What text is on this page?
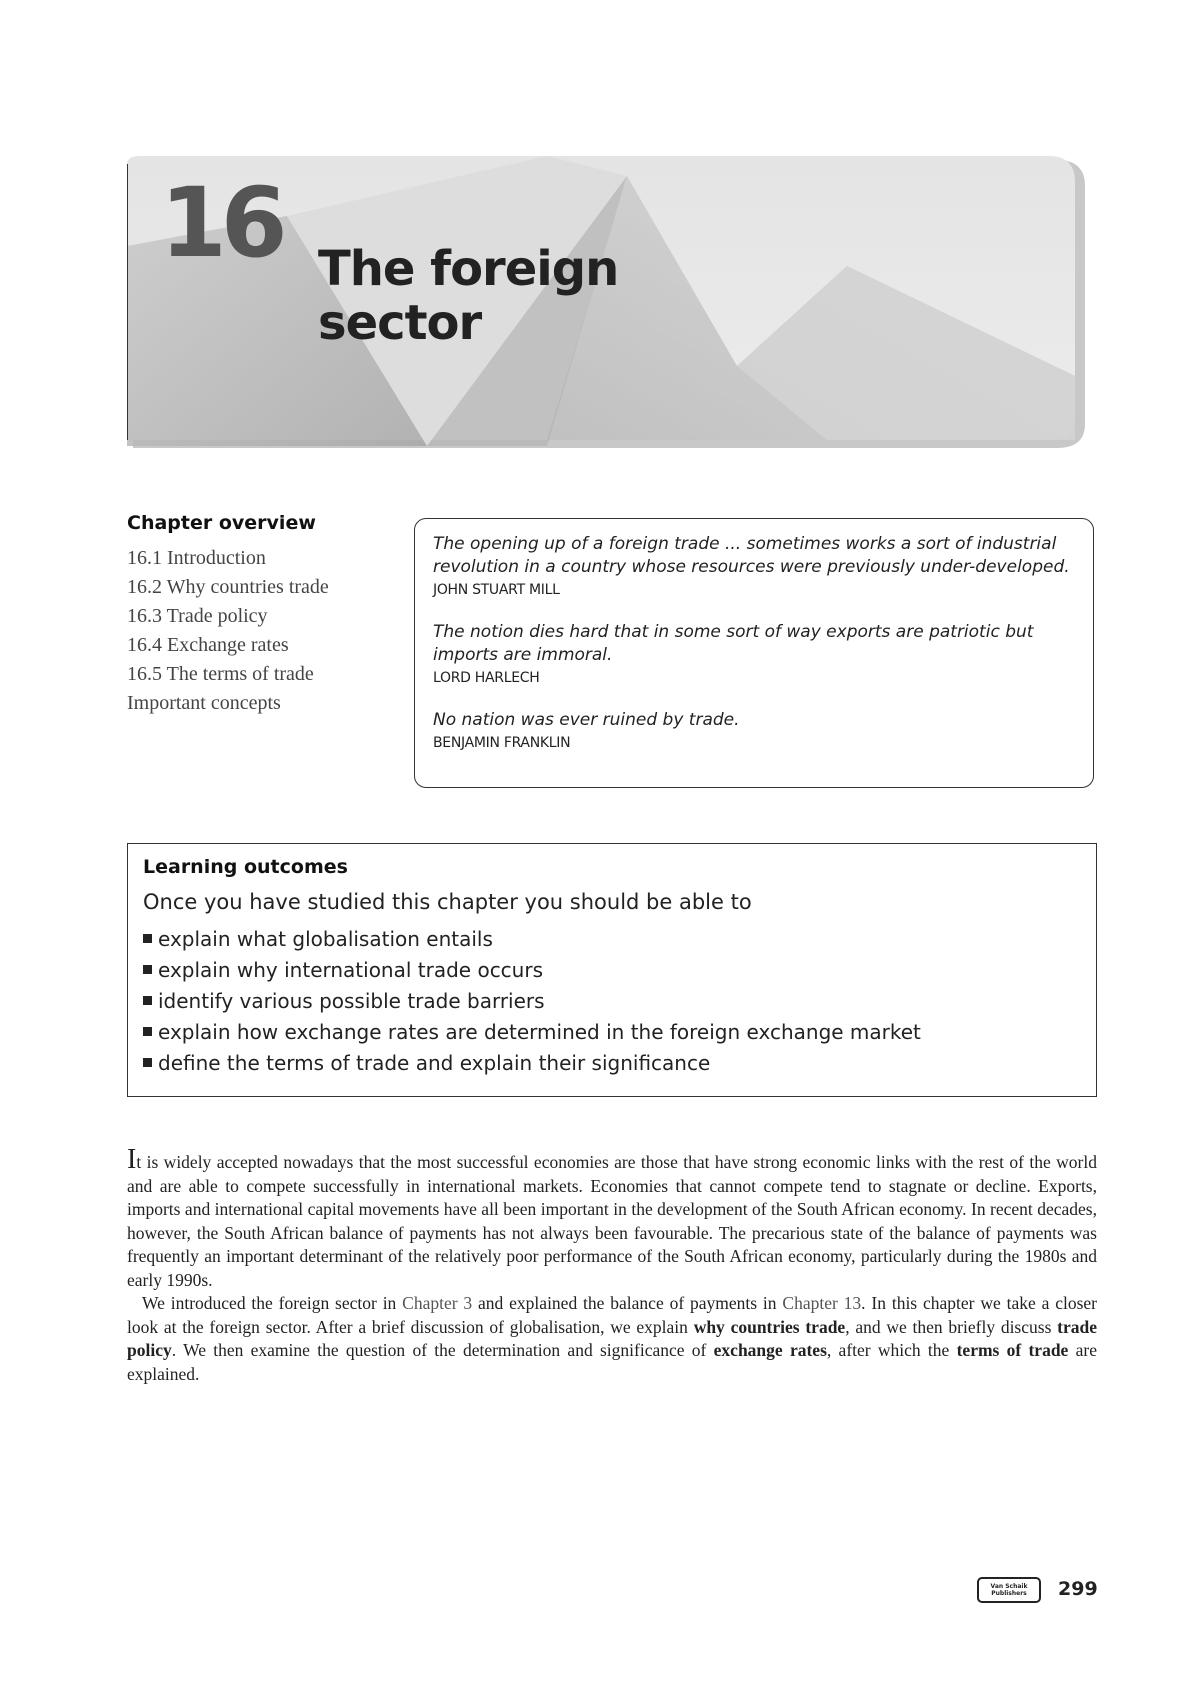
16 The foreign
sector
Chapter overview
16.1 Introduction
16.2 Why countries trade
16.3 Trade policy
16.4 Exchange rates
16.5 The terms of trade
Important concepts
The opening up of a foreign trade ... sometimes works a sort of industrial revolution in a country whose resources were previously under-developed.
JOHN STUART MILL
The notion dies hard that in some sort of way exports are patriotic but imports are immoral.
LORD HARLECH
No nation was ever ruined by trade.
BENJAMIN FRANKLIN
Learning outcomes
Once you have studied this chapter you should be able to
explain what globalisation entails
explain why international trade occurs
identify various possible trade barriers
explain how exchange rates are determined in the foreign exchange market
define the terms of trade and explain their significance

It is widely accepted nowadays that the most successful economies are those that have strong economic links with the rest of the world and are able to compete successfully in international markets. Economies that cannot compete tend to stagnate or decline. Exports, imports and international capital movements have all been important in the development of the South African economy. In recent decades, however, the South African balance of payments has not always been favourable. The precarious state of the balance of payments was frequently an important determinant of the relatively poor performance of the South African economy, particularly during the 1980s and early 1990s.

We introduced the foreign sector in Chapter 3 and explained the balance of payments in Chapter 13. In this chapter we take a closer look at the foreign sector. After a brief discussion of globalisation, we explain why countries trade, and we then briefly discuss trade policy. We then examine the question of the determination and significance of exchange rates, after which the terms of trade are explained.

Van Schaik Publishers	299
